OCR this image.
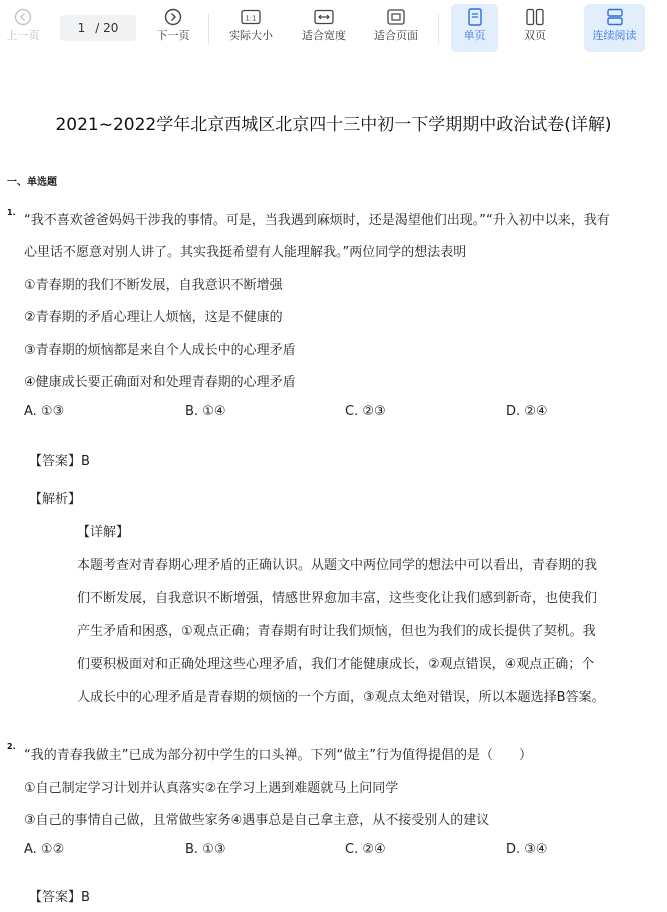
上一页
1 / 20
下一页
1:1
实际大小	适合宽度	适合页面	单页	双页	连续阅读
2021~2022学年北京西城区北京四十三中初一下学期期中政治试卷(详解)
一、单选题
1.
“我不喜欢爸爸妈妈干涉我的事情。可是，当我遇到麻烦时，还是渴望他们出现。”“升入初中以来，我有
心里话不愿意对别人讲了。其实我挺希望有人能理解我。”两位同学的想法表明
①青春期的我们不断发展，自我意识不断增强
②青春期的矛盾心理让人烦恼，这是不健康的
③青春期的烦恼都是来自个人成长中的心理矛盾
④健康成长要正确面对和处理青春期的心理矛盾
A. ①③	B. ①④	C. ②③	D. ②④
【答案】B
【解析】
【详解】
本题考查对青春期心理矛盾的正确认识。从题文中两位同学的想法中可以看出，青春期的我
们不断发展，自我意识不断增强，情感世界愈加丰富，这些变化让我们感到新奇，也使我们
产生矛盾和困惑，①观点正确；青春期有时让我们烦恼，但也为我们的成长提供了契机。我
们要积极面对和正确处理这些心理矛盾，我们才能健康成长，②观点错误，④观点正确；个
人成长中的心理矛盾是青春期的烦恼的一个方面，③观点太绝对错误，所以本题选择B答案。
2.
“我的青春我做主”已成为部分初中学生的口头禅。下列“做主”行为值得提倡的是（　　）
①自己制定学习计划并认真落实②在学习上遇到难题就马上问同学
③自己的事情自己做，且常做些家务④遇事总是自己拿主意，从不接受别人的建议
A. ①②	B. ①③	C. ②④	D. ③④
【答案】B
